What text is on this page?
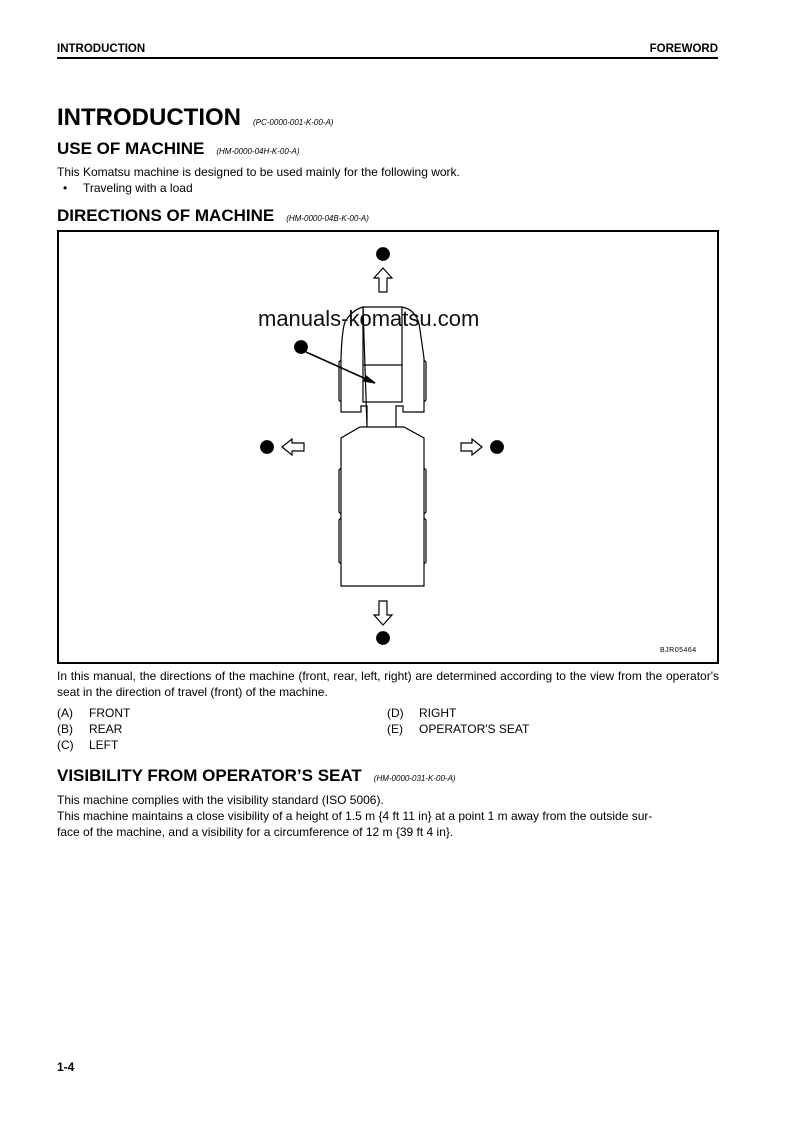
INTRODUCTION	FOREWORD
INTRODUCTION (PC-0000-001-K-00-A)
USE OF MACHINE (HM-0000-04H-K-00-A)
This Komatsu machine is designed to be used mainly for the following work.
• Traveling with a load
DIRECTIONS OF MACHINE (HM-0000-04B-K-00-A)
A
B
C	D
E
manuals-komatsu.com
BJR05464
In this manual, the directions of the machine (front, rear, left, right) are determined according to the view from the operator's seat in the direction of travel (front) of the machine.
(A) FRONT
(B) REAR
(C) LEFT
(D) RIGHT
(E) OPERATOR'S SEAT
VISIBILITY FROM OPERATOR’S SEAT (HM-0000-031-K-00-A)
This machine complies with the visibility standard (ISO 5006).
This machine maintains a close visibility of a height of 1.5 m {4 ft 11 in} at a point 1 m away from the outside sur-
face of the machine, and a visibility for a circumference of 12 m {39 ft 4 in}.
1-4
